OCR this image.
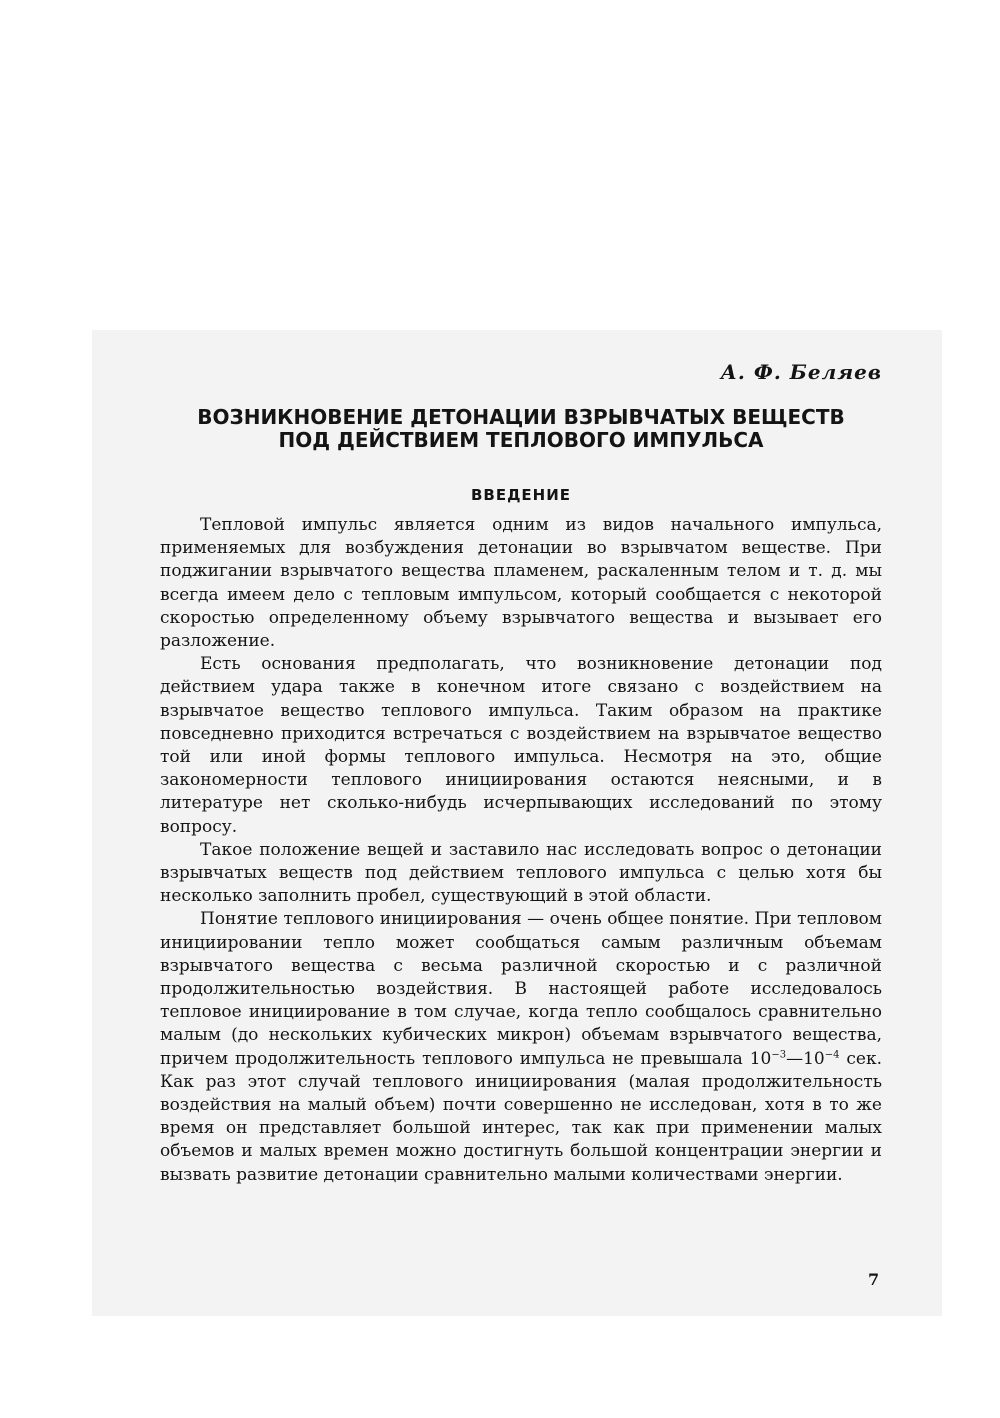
А. Ф. Беляев
ВОЗНИКНОВЕНИЕ ДЕТОНАЦИИ ВЗРЫВЧАТЫХ ВЕЩЕСТВ
ПОД ДЕЙСТВИЕМ ТЕПЛОВОГО ИМПУЛЬСА
ВВЕДЕНИЕ

Тепловой импульс является одним из видов начального импульса, применяемых для возбуждения детонации во взрывчатом веществе. При поджигании взрывчатого вещества пламенем, раскаленным телом и т. д. мы всегда имеем дело с тепловым импульсом, который сообщается с некоторой скоростью определенному объему взрывчатого вещества и вызывает его разложение.

Есть основания предполагать, что возникновение детонации под действием удара также в конечном итоге связано с воздействием на взрывчатое вещество теплового импульса. Таким образом на практике повседневно приходится встречаться с воздействием на взрывчатое вещество той или иной формы теплового импульса. Несмотря на это, общие закономерности теплового инициирования остаются неясными, и в литературе нет сколько-нибудь исчерпывающих исследований по этому вопросу.

Такое положение вещей и заставило нас исследовать вопрос о детонации взрывчатых веществ под действием теплового импульса с целью хотя бы несколько заполнить пробел, существующий в этой области.

Понятие теплового инициирования — очень общее понятие. При тепловом инициировании тепло может сообщаться самым различным объемам взрывчатого вещества с весьма различной скоростью и с различной продолжительностью воздействия. В настоящей работе исследовалось тепловое инициирование в том случае, когда тепло сообщалось сравнительно малым (до нескольких кубических микрон) объемам взрывчатого вещества, причем продолжительность теплового импульса не превышала $10^{-3}—10^{-4}$ сек. Как раз этот случай теплового инициирования (малая продолжительность воздействия на малый объем) почти совершенно не исследован, хотя в то же время он представляет большой интерес, так как при применении малых объемов и малых времен можно достигнуть большой концентрации энергии и вызвать развитие детонации сравнительно малыми количествами энергии.

7
